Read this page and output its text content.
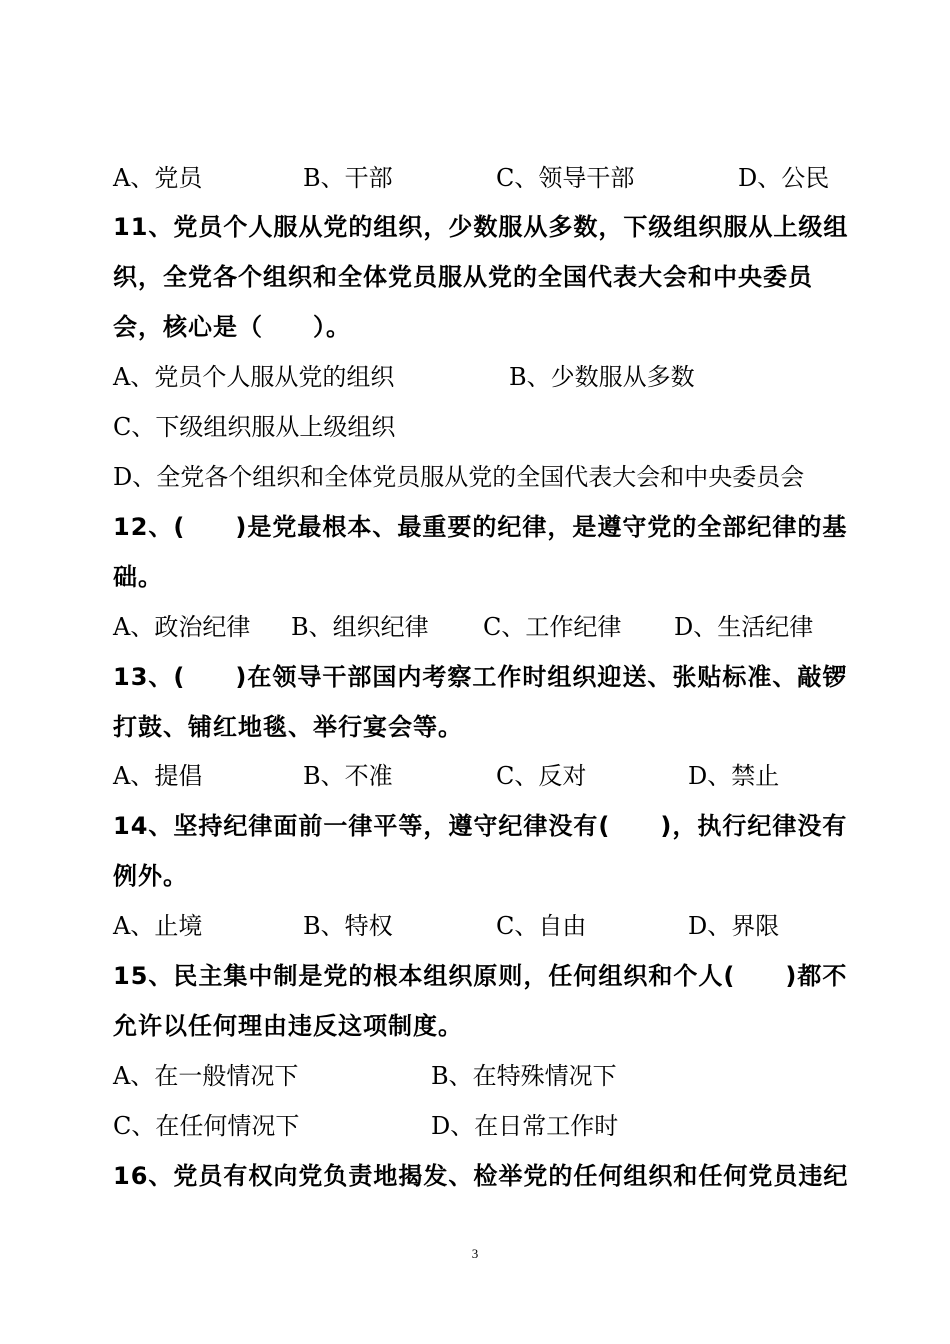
A、党员	B、干部	C、领导干部	D、公民
11、党员个人服从党的组织，少数服从多数，下级组织服从上级组
织，全党各个组织和全体党员服从党的全国代表大会和中央委员
会，核心是（　　）。
A、党员个人服从党的组织	B、少数服从多数
C、下级组织服从上级组织
D、全党各个组织和全体党员服从党的全国代表大会和中央委员会
12、(　　)是党最根本、最重要的纪律，是遵守党的全部纪律的基
础。
A、政治纪律 B、组织纪律 C、工作纪律 D、生活纪律
13、(　　)在领导干部国内考察工作时组织迎送、张贴标准、敲锣
打鼓、铺红地毯、举行宴会等。
A、提倡	B、不准	C、反对	D、禁止
14、坚持纪律面前一律平等，遵守纪律没有(　　)，执行纪律没有
例外。
A、止境	B、特权	C、自由	D、界限
15、民主集中制是党的根本组织原则，任何组织和个人(　　)都不
允许以任何理由违反这项制度。
A、在一般情况下	B、在特殊情况下
C、在任何情况下	D、在日常工作时
16、党员有权向党负责地揭发、检举党的任何组织和任何党员违纪
3
